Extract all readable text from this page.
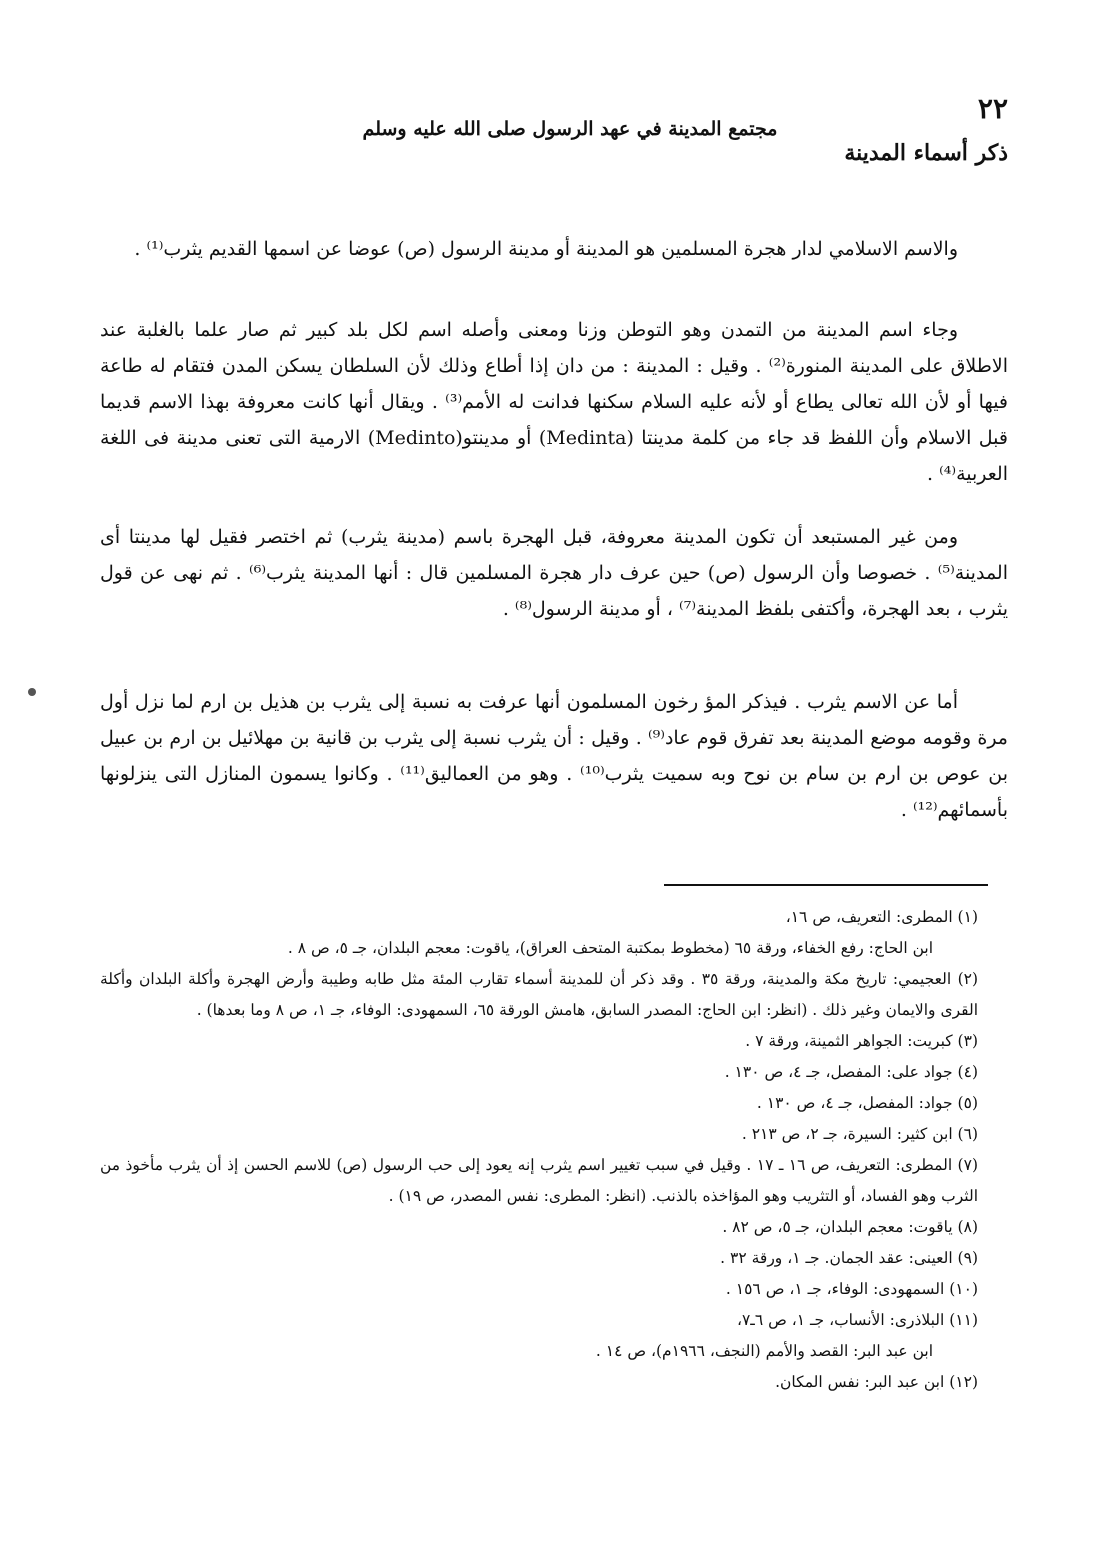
٢٢
مجتمع المدينة في عهد الرسول صلى الله عليه وسلم
ذكر أسماء المدينة

والاسم الاسلامي لدار هجرة المسلمين هو المدينة أو مدينة الرسول (ص) عوضا عن اسمها القديم يثرب⁽¹⁾ .

وجاء اسم المدينة من التمدن وهو التوطن وزنا ومعنى وأصله اسم لكل بلد كبير ثم صار علما بالغلبة عند الاطلاق على المدينة المنورة⁽²⁾ . وقيل : المدينة : من دان إذا أطاع وذلك لأن السلطان يسكن المدن فتقام له طاعة فيها أو لأن الله تعالى يطاع أو لأنه عليه السلام سكنها فدانت له الأمم⁽³⁾ . ويقال أنها كانت معروفة بهذا الاسم قديما قبل الاسلام وأن اللفظ قد جاء من كلمة مدينتا (Medinta) أو مدينتو(Medinto) الارمية التى تعنى مدينة فى اللغة العربية⁽⁴⁾ .

ومن غير المستبعد أن تكون المدينة معروفة، قبل الهجرة باسم (مدينة يثرب) ثم اختصر فقيل لها مدينتا أى المدينة⁽⁵⁾ . خصوصا وأن الرسول (ص) حين عرف دار هجرة المسلمين قال : أنها المدينة يثرب⁽⁶⁾ . ثم نهى عن قول يثرب ، بعد الهجرة، وأكتفى بلفظ المدينة⁽⁷⁾ ، أو مدينة الرسول⁽⁸⁾ .

أما عن الاسم يثرب . فيذكر المؤ رخون المسلمون أنها عرفت به نسبة إلى يثرب بن هذيل بن ارم لما نزل أول مرة وقومه موضع المدينة بعد تفرق قوم عاد⁽⁹⁾ . وقيل : أن يثرب نسبة إلى يثرب بن قانية بن مهلائيل بن ارم بن عبيل بن عوص بن ارم بن سام بن نوح وبه سميت يثرب⁽¹⁰⁾ . وهو من العماليق⁽¹¹⁾ . وكانوا يسمون المنازل التى ينزلونها بأسمائهم⁽¹²⁾ .

(١) المطرى: التعريف، ص ١٦،
ابن الحاج: رفع الخفاء، ورقة ٦٥ (مخطوط بمكتبة المتحف العراق)، ياقوت: معجم البلدان، جـ ٥، ص ٨ .
(٢) العجيمي: تاريخ مكة والمدينة، ورقة ٣٥ . وقد ذكر أن للمدينة أسماء تقارب المئة مثل طابه وطيبة وأرض الهجرة وأكلة البلدان وأكلة القرى والايمان وغير ذلك . (انظر: ابن الحاج: المصدر السابق، هامش الورقة ٦٥، السمهودى: الوفاء، جـ ١، ص ٨ وما بعدها) .
(٣) كبريت: الجواهر الثمينة، ورقة ٧ .
(٤) جواد على: المفصل، جـ ٤، ص ١٣٠ .
(٥) جواد: المفصل، جـ ٤، ص ١٣٠ .
(٦) ابن كثير: السيرة، جـ ٢، ص ٢١٣ .
(٧) المطرى: التعريف، ص ١٦ ـ ١٧ . وقيل في سبب تغيير اسم يثرب إنه يعود إلى حب الرسول (ص) للاسم الحسن إذ أن يثرب مأخوذ من الثرب وهو الفساد، أو التثريب وهو المؤاخذه بالذنب. (انظر: المطرى: نفس المصدر، ص ١٩) .
(٨) ياقوت: معجم البلدان، جـ ٥، ص ٨٢ .
(٩) العينى: عقد الجمان. جـ ١، ورقة ٣٢ .
(١٠) السمهودى: الوفاء، جـ ١، ص ١٥٦ .
(١١) البلاذرى: الأنساب، جـ ١، ص ٦ـ٧،
ابن عبد البر: القصد والأمم (النجف، ١٩٦٦م)، ص ١٤ .
(١٢) ابن عبد البر: نفس المكان.
